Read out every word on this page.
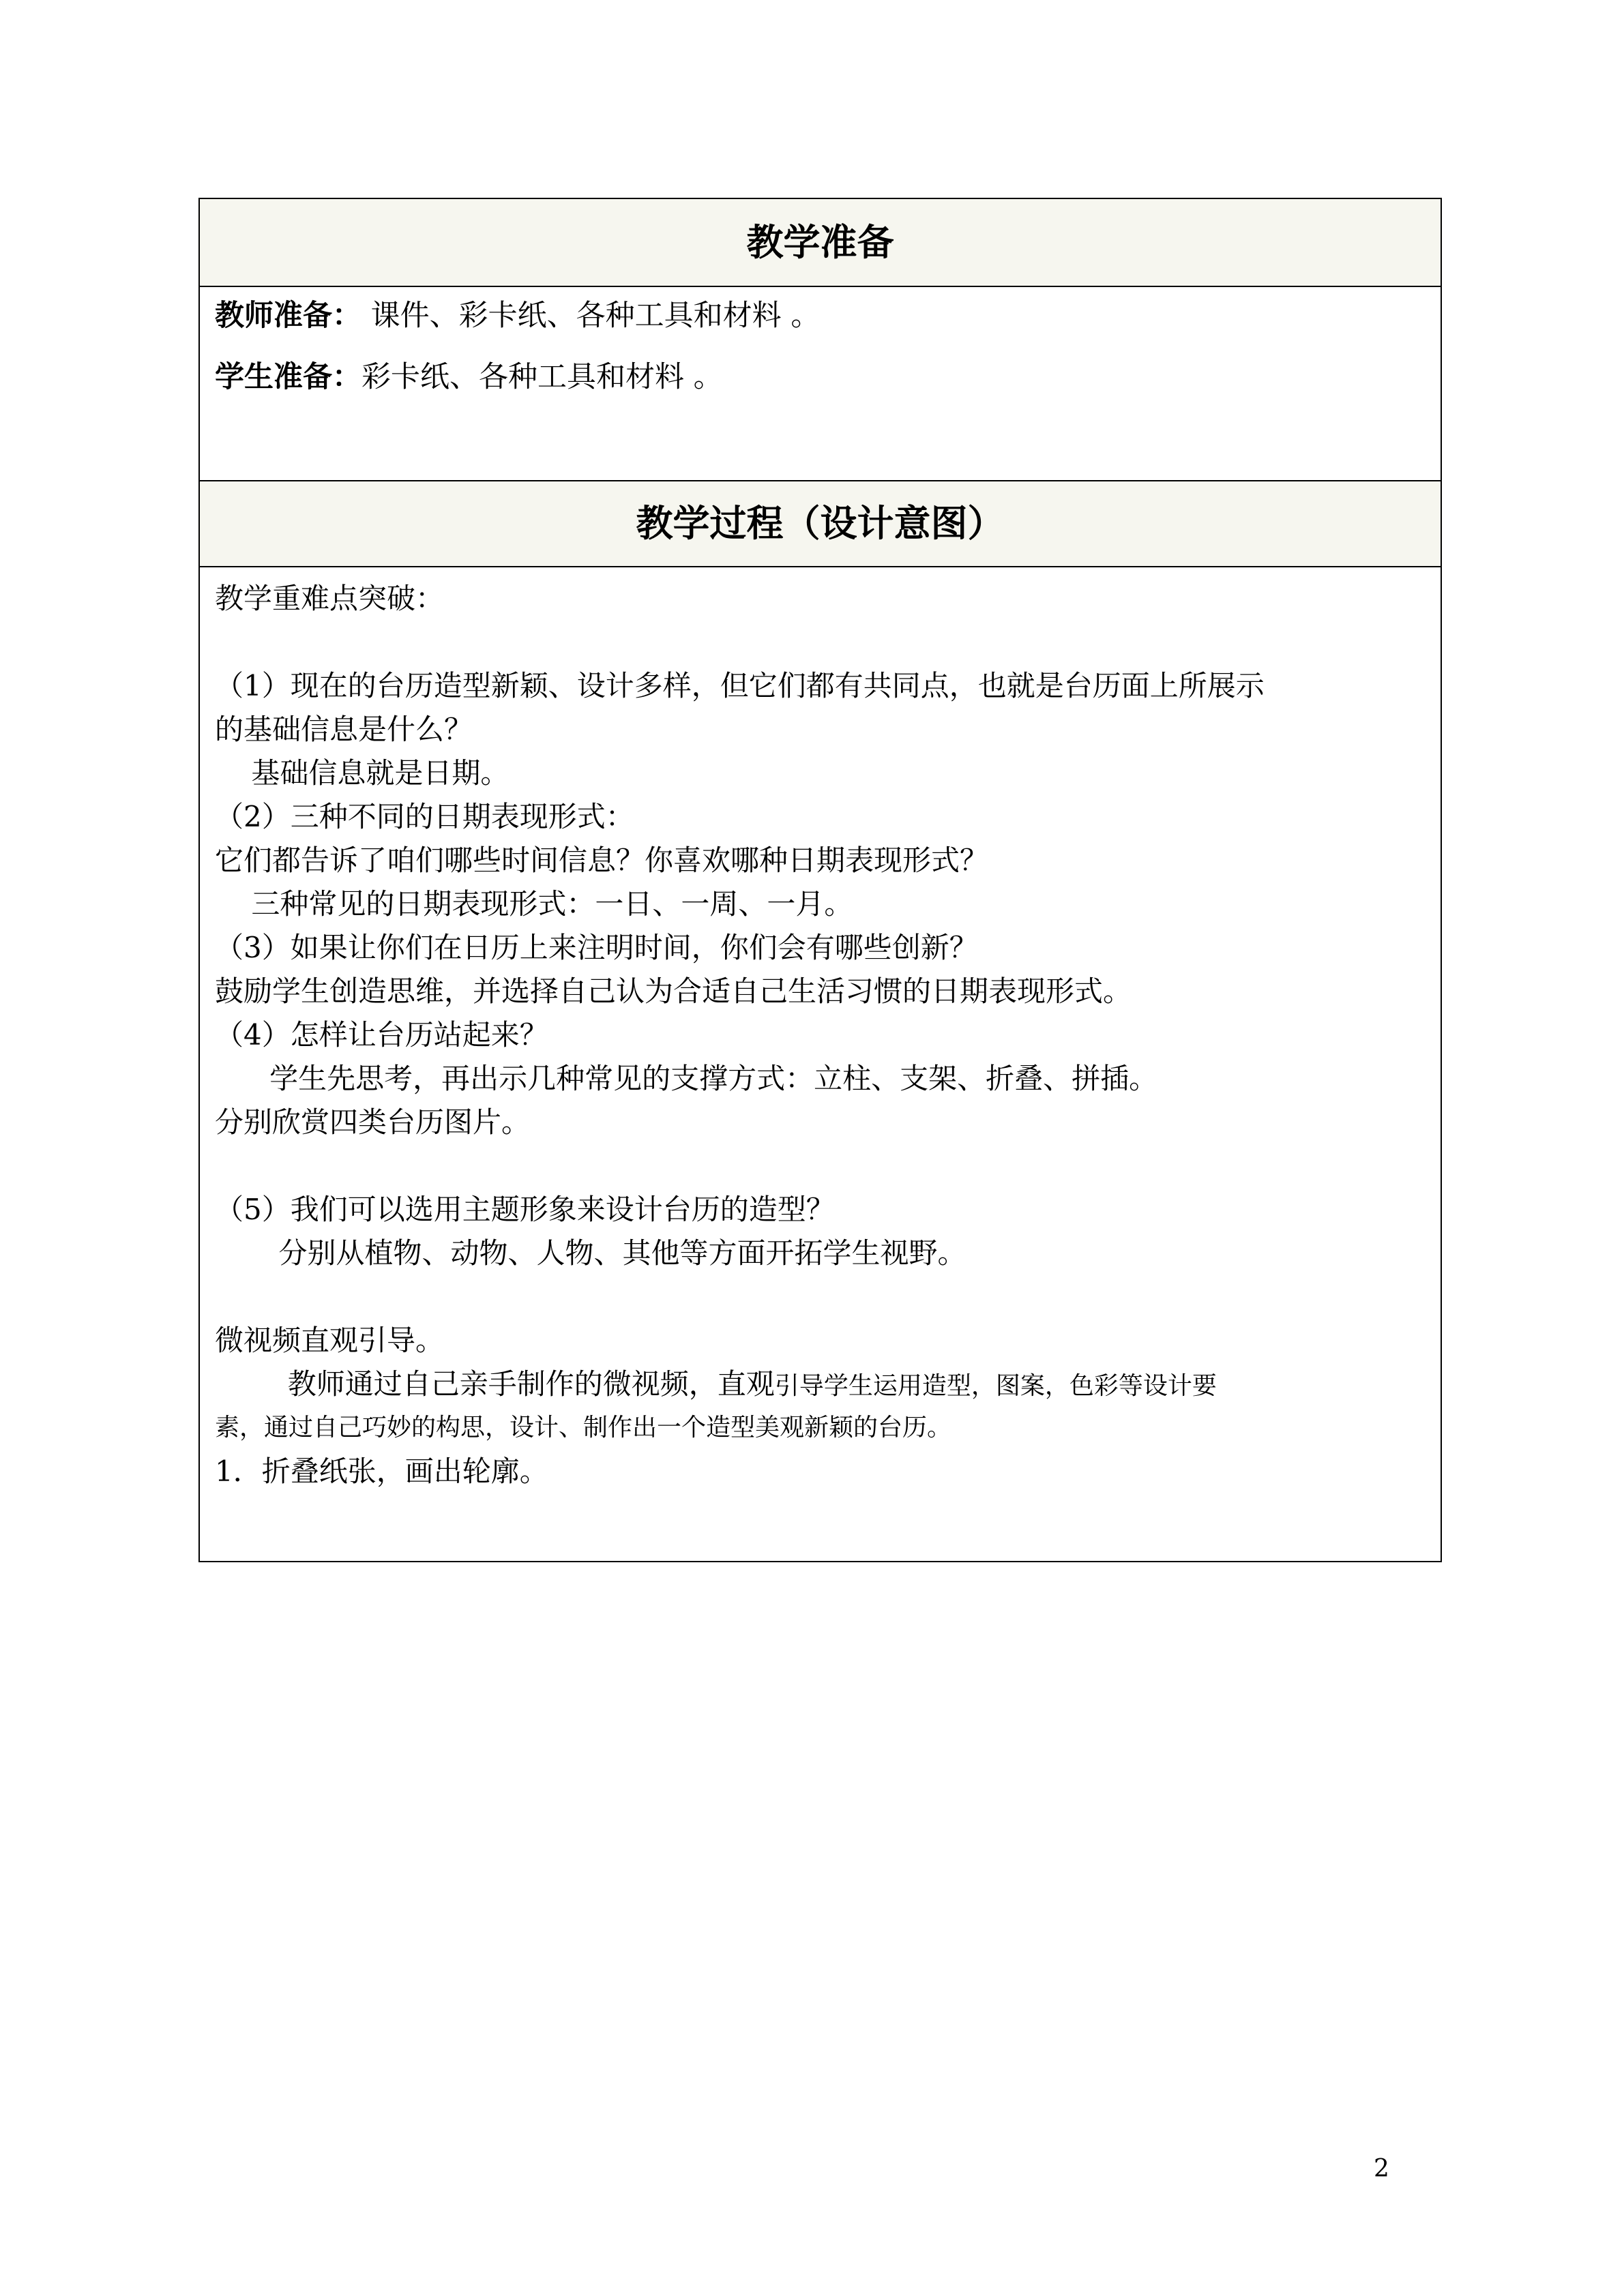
教学准备
教师准备： 课件、彩卡纸、各种工具和材料 。
学生准备：彩卡纸、各种工具和材料 。
教学过程（设计意图）
教学重难点突破：
（1）现在的台历造型新颖、设计多样，但它们都有共同点，也就是台历面上所展示
的基础信息是什么？
基础信息就是日期。
（2）三种不同的日期表现形式：
它们都告诉了咱们哪些时间信息？你喜欢哪种日期表现形式？
三种常见的日期表现形式：一日、一周、一月。
（3）如果让你们在日历上来注明时间，你们会有哪些创新？
鼓励学生创造思维，并选择自己认为合适自己生活习惯的日期表现形式。
（4）怎样让台历站起来？
学生先思考，再出示几种常见的支撑方式：立柱、支架、折叠、拼插。
分别欣赏四类台历图片。
（5）我们可以选用主题形象来设计台历的造型？
分别从植物、动物、人物、其他等方面开拓学生视野。
微视频直观引导。
教师通过自己亲手制作的微视频，直观引导学生运用造型，图案，色彩等设计要
素，通过自己巧妙的构思，设计、制作出一个造型美观新颖的台历。
1．折叠纸张，画出轮廓。
2
